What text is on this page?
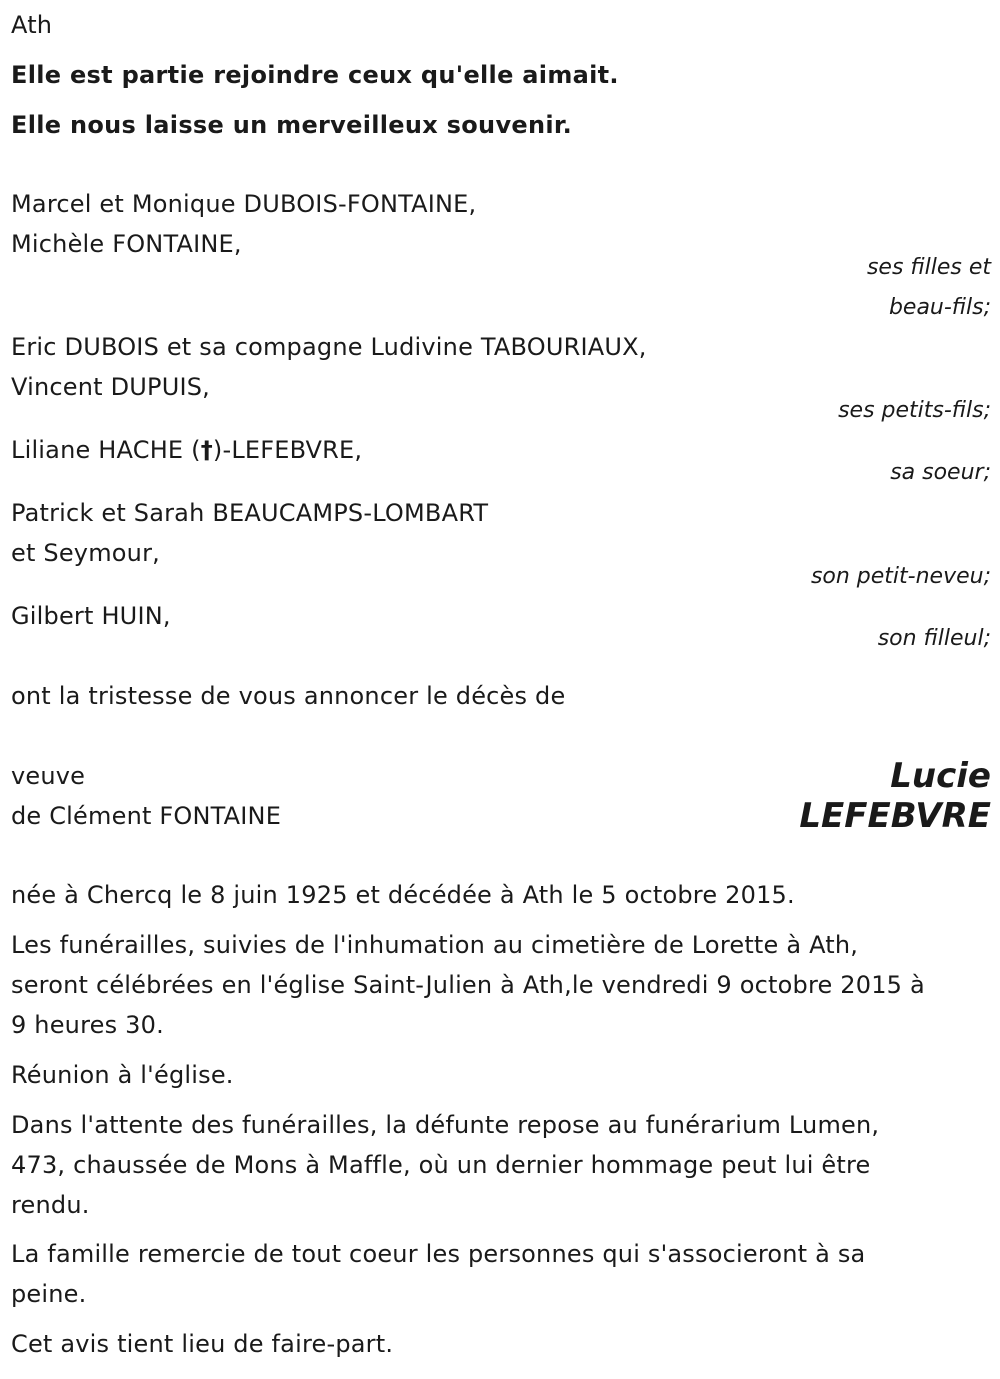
Ath
Elle est partie rejoindre ceux qu'elle aimait.
Elle nous laisse un merveilleux souvenir.
Marcel et Monique DUBOIS-FONTAINE,
Michèle FONTAINE,
ses filles et
beau-fils;
Eric DUBOIS et sa compagne Ludivine TABOURIAUX,
Vincent DUPUIS,
ses petits-fils;
Liliane HACHE (†)-LEFEBVRE,
sa soeur;
Patrick et Sarah BEAUCAMPS-LOMBART
et Seymour,
son petit-neveu;
Gilbert HUIN,
son filleul;
ont la tristesse de vous annoncer le décès de
veuve
de Clément FONTAINE
Lucie
LEFEBVRE
née à Chercq le 8 juin 1925 et décédée à Ath le 5 octobre 2015.
Les funérailles, suivies de l'inhumation au cimetière de Lorette à Ath,
seront célébrées en l'église Saint-Julien à Ath,le vendredi 9 octobre 2015 à
9 heures 30.
Réunion à l'église.
Dans l'attente des funérailles, la défunte repose au funérarium Lumen,
473, chaussée de Mons à Maffle, où un dernier hommage peut lui être
rendu.
La famille remercie de tout coeur les personnes qui s'associeront à sa
peine.
Cet avis tient lieu de faire-part.
